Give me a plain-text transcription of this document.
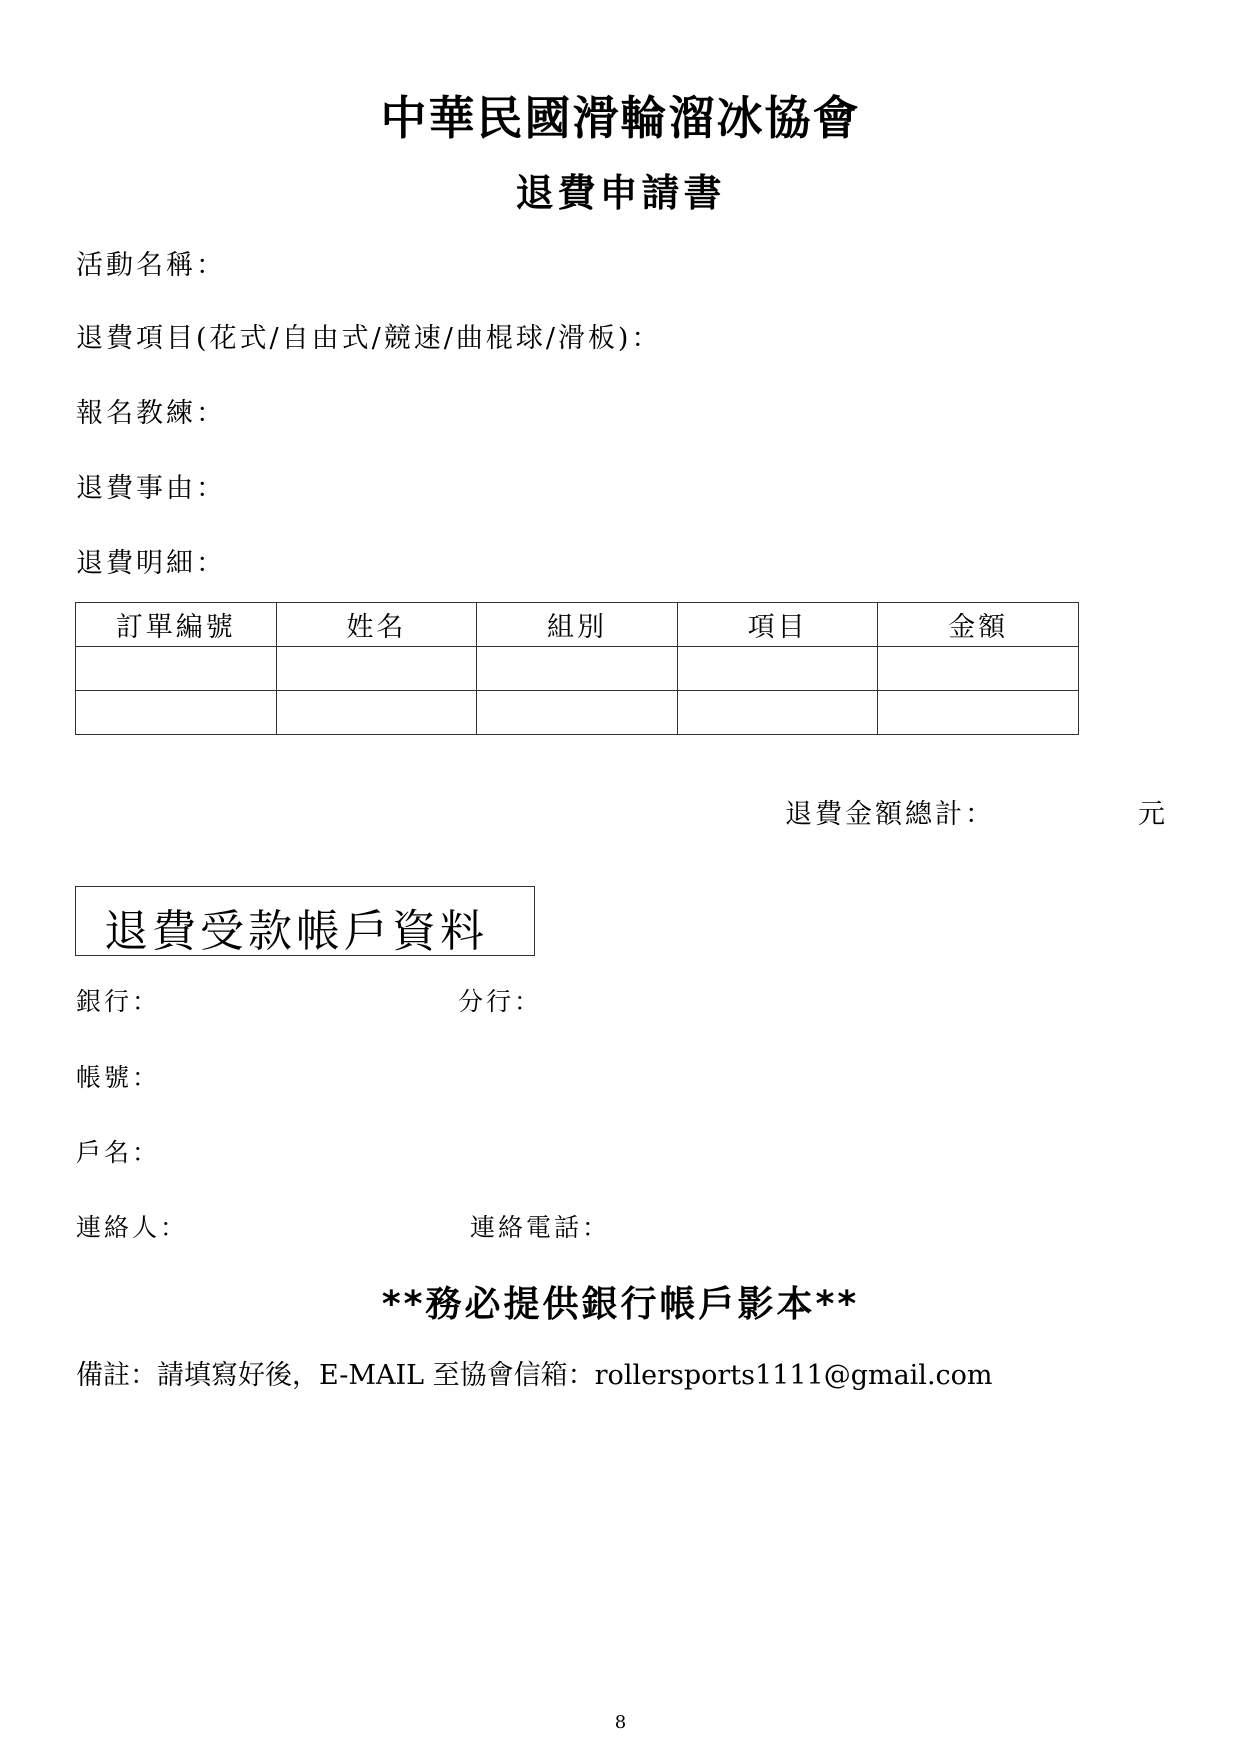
中華民國滑輪溜冰協會
退費申請書
活動名稱：
退費項目(花式/自由式/競速/曲棍球/滑板)：
報名教練：
退費事由：
退費明細：
訂單編號	姓名	組別	項目	金額

退費金額總計：	元
退費受款帳戶資料
銀行：	分行：
帳號：
戶名：
連絡人：	連絡電話：
**務必提供銀行帳戶影本**
備註：請填寫好後，E-MAIL 至協會信箱：rollersports1111@gmail.com
8
